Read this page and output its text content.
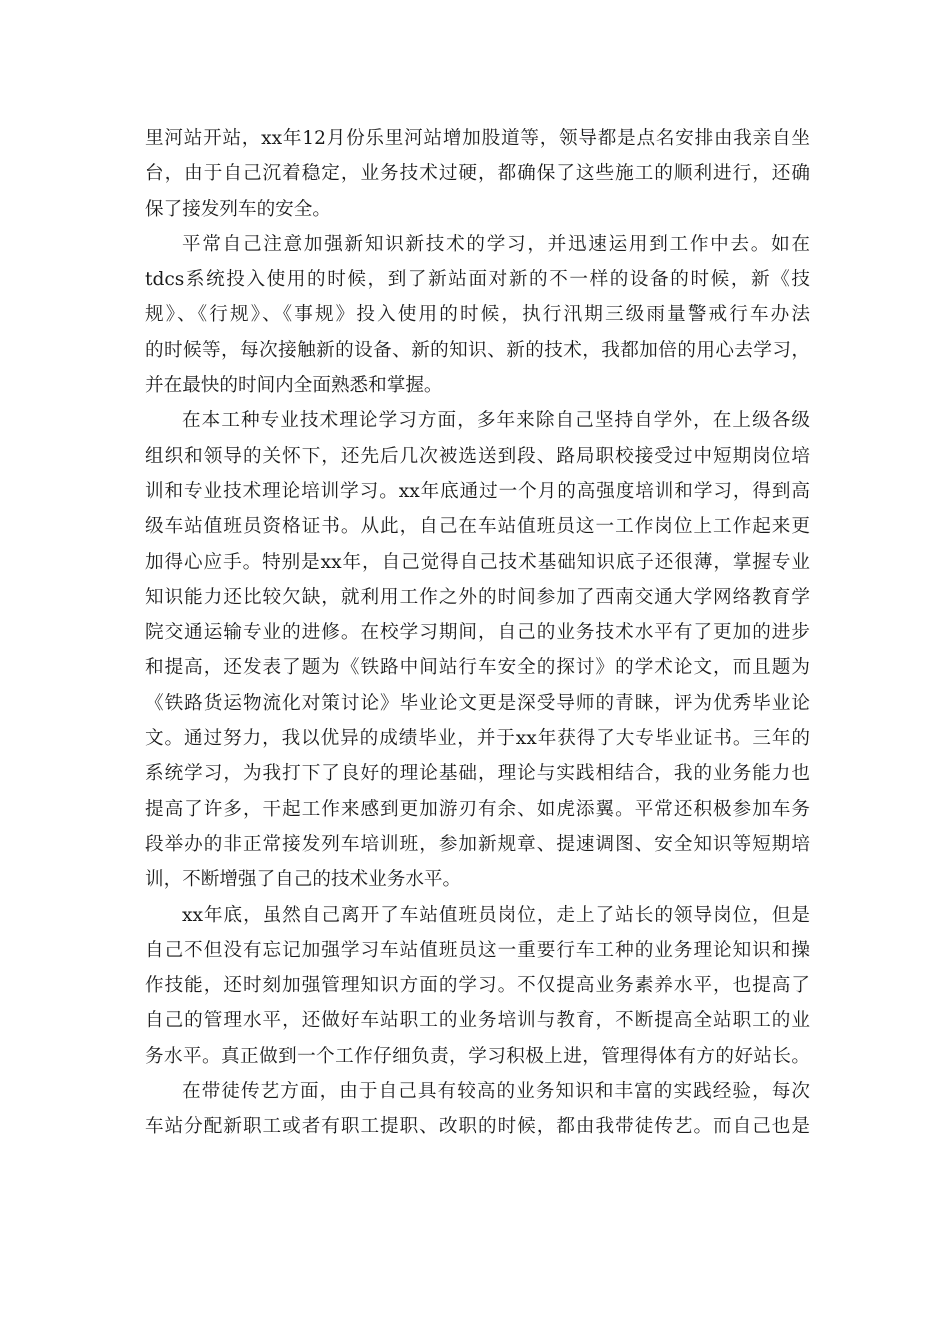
里河站开站，xx年12月份乐里河站增加股道等，领导都是点名安排由我亲自坐
台，由于自己沉着稳定，业务技术过硬，都确保了这些施工的顺利进行，还确
保了接发列车的安全。
平常自己注意加强新知识新技术的学习，并迅速运用到工作中去。如在
tdcs系统投入使用的时候，到了新站面对新的不一样的设备的时候，新《技
规》、《行规》、《事规》投入使用的时候，执行汛期三级雨量警戒行车办法
的时候等，每次接触新的设备、新的知识、新的技术，我都加倍的用心去学习，
并在最快的时间内全面熟悉和掌握。
在本工种专业技术理论学习方面，多年来除自己坚持自学外，在上级各级
组织和领导的关怀下，还先后几次被选送到段、路局职校接受过中短期岗位培
训和专业技术理论培训学习。xx年底通过一个月的高强度培训和学习，得到高
级车站值班员资格证书。从此，自己在车站值班员这一工作岗位上工作起来更
加得心应手。特别是xx年，自己觉得自己技术基础知识底子还很薄，掌握专业
知识能力还比较欠缺，就利用工作之外的时间参加了西南交通大学网络教育学
院交通运输专业的进修。在校学习期间，自己的业务技术水平有了更加的进步
和提高，还发表了题为《铁路中间站行车安全的探讨》的学术论文，而且题为
《铁路货运物流化对策讨论》毕业论文更是深受导师的青睐，评为优秀毕业论
文。通过努力，我以优异的成绩毕业，并于xx年获得了大专毕业证书。三年的
系统学习，为我打下了良好的理论基础，理论与实践相结合，我的业务能力也
提高了许多，干起工作来感到更加游刃有余、如虎添翼。平常还积极参加车务
段举办的非正常接发列车培训班，参加新规章、提速调图、安全知识等短期培
训，不断增强了自己的技术业务水平。
xx年底，虽然自己离开了车站值班员岗位，走上了站长的领导岗位，但是
自己不但没有忘记加强学习车站值班员这一重要行车工种的业务理论知识和操
作技能，还时刻加强管理知识方面的学习。不仅提高业务素养水平，也提高了
自己的管理水平，还做好车站职工的业务培训与教育，不断提高全站职工的业
务水平。真正做到一个工作仔细负责，学习积极上进，管理得体有方的好站长。
在带徒传艺方面，由于自己具有较高的业务知识和丰富的实践经验，每次
车站分配新职工或者有职工提职、改职的时候，都由我带徒传艺。而自己也是
